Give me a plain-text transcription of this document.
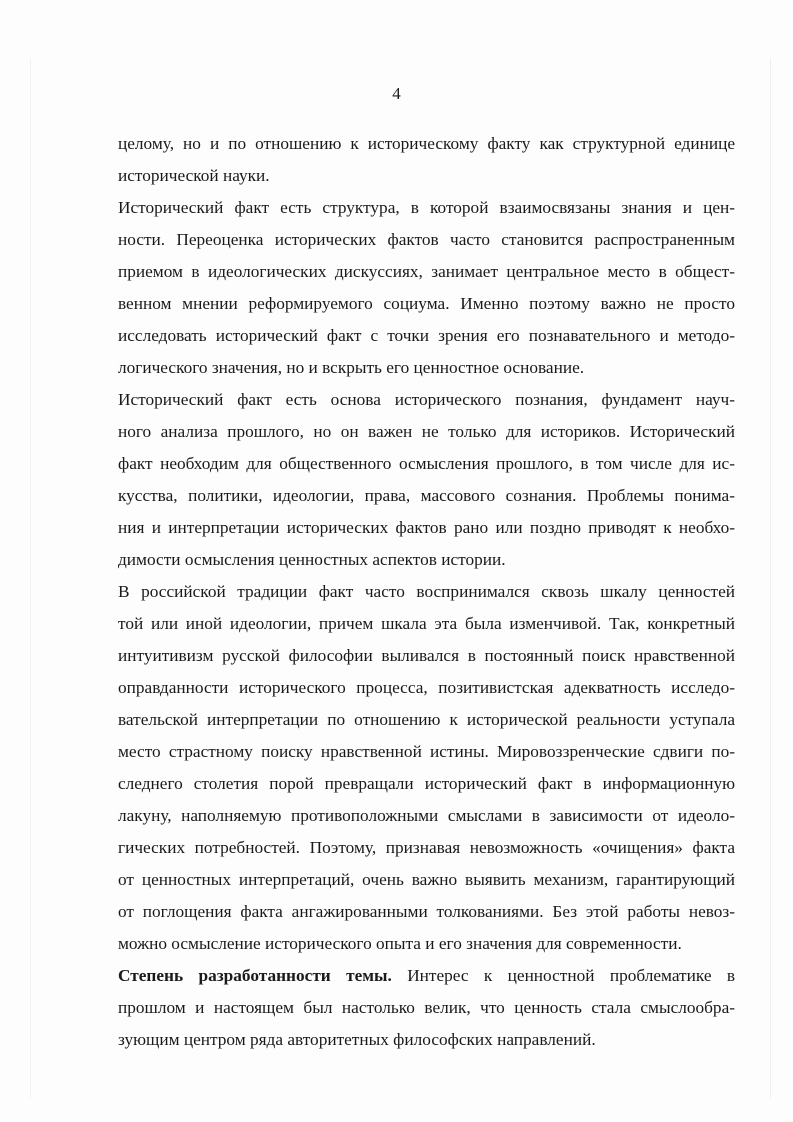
4
целому, но и по отношению к историческому факту как структурной единице
исторической науки.
Исторический факт есть структура, в которой взаимосвязаны знания и цен-
ности. Переоценка исторических фактов часто становится распространенным
приемом в идеологических дискуссиях, занимает центральное место в общест-
венном мнении реформируемого социума. Именно поэтому важно не просто
исследовать исторический факт с точки зрения его познавательного и методо-
логического значения, но и вскрыть его ценностное основание.
Исторический факт есть основа исторического познания, фундамент науч-
ного анализа прошлого, но он важен не только для историков. Исторический
факт необходим для общественного осмысления прошлого, в том числе для ис-
кусства, политики, идеологии, права, массового сознания. Проблемы понима-
ния и интерпретации исторических фактов рано или поздно приводят к необхо-
димости осмысления ценностных аспектов истории.
В российской традиции факт часто воспринимался сквозь шкалу ценностей
той или иной идеологии, причем шкала эта была изменчивой. Так, конкретный
интуитивизм русской философии выливался в постоянный поиск нравственной
оправданности исторического процесса, позитивистская адекватность исследо-
вательской интерпретации по отношению к исторической реальности уступала
место страстному поиску нравственной истины. Мировоззренческие сдвиги по-
следнего столетия порой превращали исторический факт в информационную
лакуну, наполняемую противоположными смыслами в зависимости от идеоло-
гических потребностей. Поэтому, признавая невозможность «очищения» факта
от ценностных интерпретаций, очень важно выявить механизм, гарантирующий
от поглощения факта ангажированными толкованиями. Без этой работы невоз-
можно осмысление исторического опыта и его значения для современности.
Степень разработанности темы. Интерес к ценностной проблематике в
прошлом и настоящем был настолько велик, что ценность стала смыслообра-
зующим центром ряда авторитетных философских направлений.
